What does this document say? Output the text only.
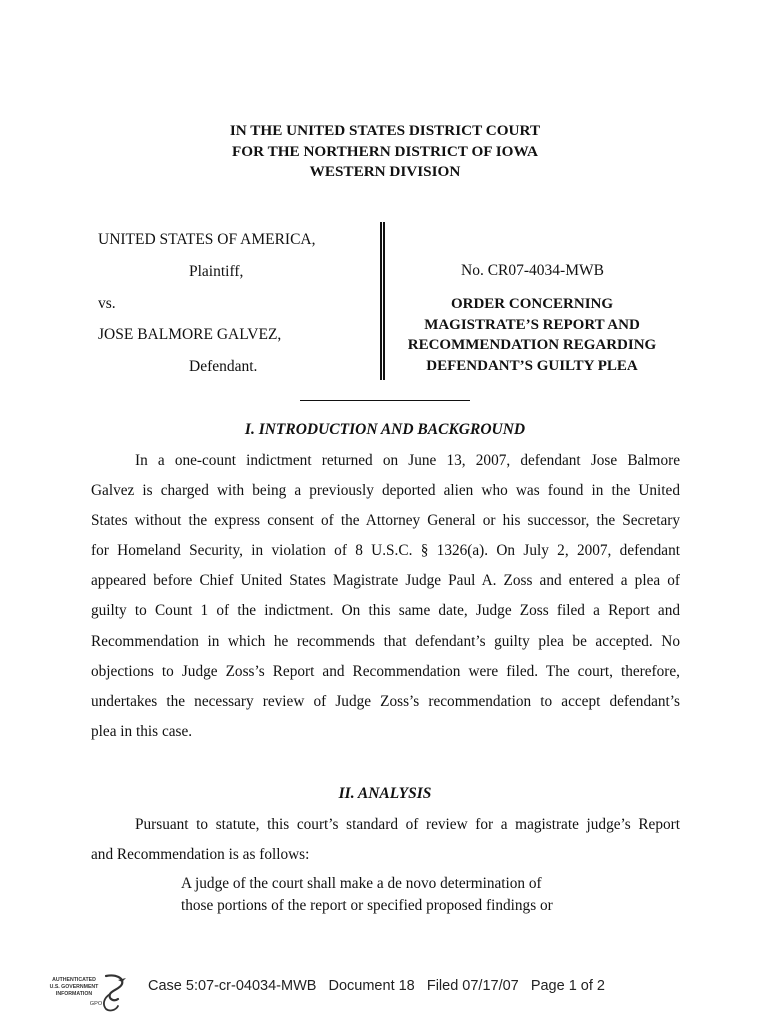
IN THE UNITED STATES DISTRICT COURT
FOR THE NORTHERN DISTRICT OF IOWA
WESTERN DIVISION
UNITED STATES OF AMERICA,
Plaintiff,
vs.
JOSE BALMORE GALVEZ,
Defendant.
No. CR07-4034-MWB
ORDER CONCERNING
MAGISTRATE’S REPORT AND
RECOMMENDATION REGARDING
DEFENDANT’S GUILTY PLEA
I. INTRODUCTION AND BACKGROUND
In a one-count indictment returned on June 13, 2007, defendant Jose Balmore
Galvez is charged with being a previously deported alien who was found in the United
States without the express consent of the Attorney General or his successor, the Secretary
for Homeland Security, in violation of 8 U.S.C. § 1326(a). On July 2, 2007, defendant
appeared before Chief United States Magistrate Judge Paul A. Zoss and entered a plea of
guilty to Count 1 of the indictment. On this same date, Judge Zoss filed a Report and
Recommendation in which he recommends that defendant’s guilty plea be accepted. No
objections to Judge Zoss’s Report and Recommendation were filed. The court, therefore,
undertakes the necessary review of Judge Zoss’s recommendation to accept defendant’s
plea in this case.
II. ANALYSIS
Pursuant to statute, this court’s standard of review for a magistrate judge’s Report
and Recommendation is as follows:
A judge of the court shall make a de novo determination of
those portions of the report or specified proposed findings or
AUTHENTICATED
U.S. GOVERNMENT
INFORMATION
GPO
Case 5:07-cr-04034-MWB   Document 18   Filed 07/17/07   Page 1 of 2
